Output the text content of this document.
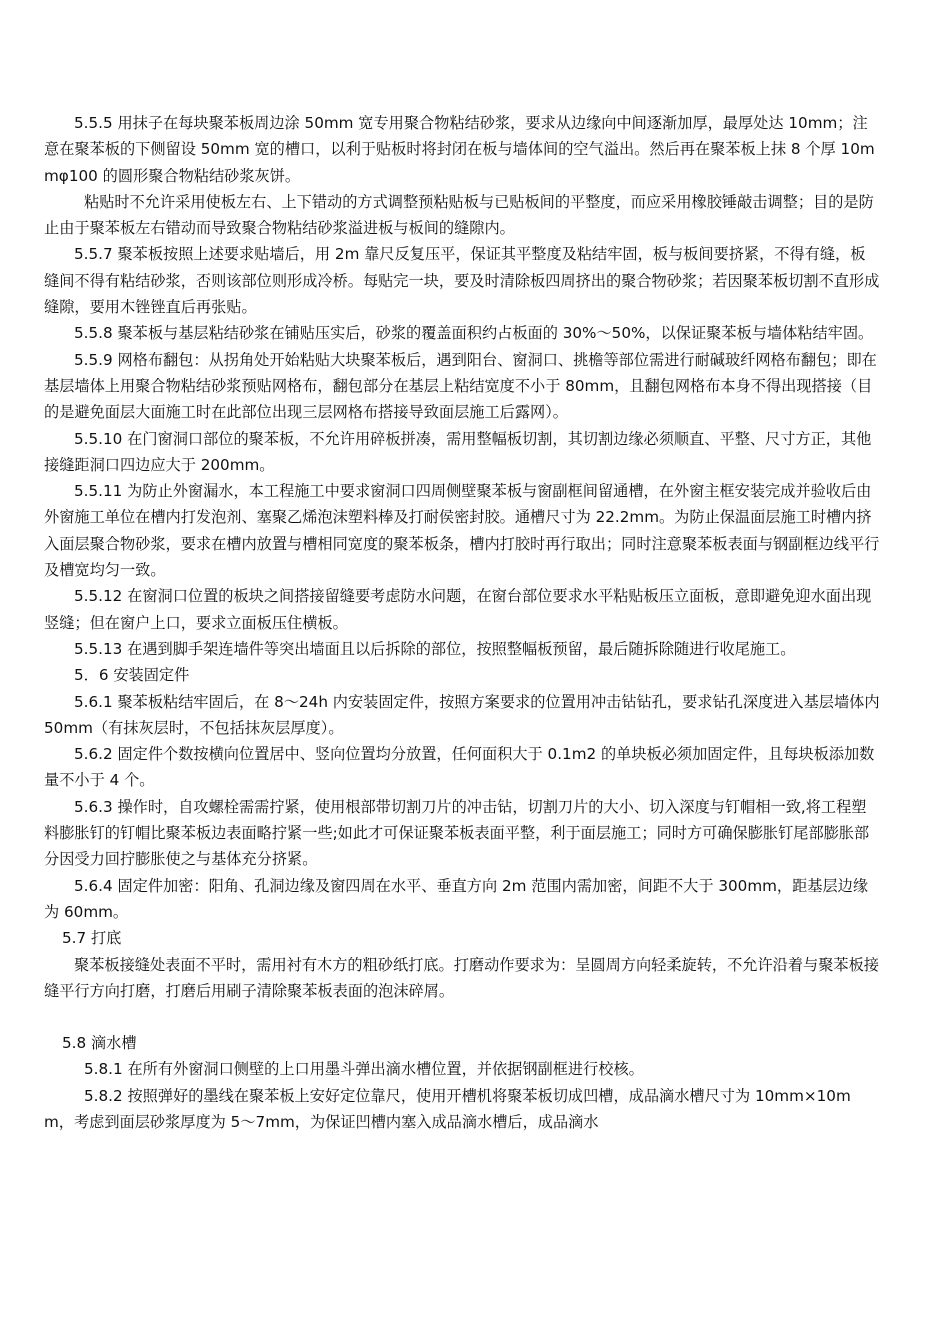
5.5.5 用抹子在每块聚苯板周边涂 50mm 宽专用聚合物粘结砂浆，要求从边缘向中间逐渐加厚，最厚处达 10mm；注意在聚苯板的下侧留设 50mm 宽的槽口，以利于贴板时将封闭在板与墙体间的空气溢出。然后再在聚苯板上抹 8 个厚 10mmφ100 的圆形聚合物粘结砂浆灰饼。

粘贴时不允许采用使板左右、上下错动的方式调整预粘贴板与已贴板间的平整度，而应采用橡胶锤敲击调整；目的是防止由于聚苯板左右错动而导致聚合物粘结砂浆溢进板与板间的缝隙内。

5.5.7 聚苯板按照上述要求贴墙后，用 2m 靠尺反复压平，保证其平整度及粘结牢固，板与板间要挤紧，不得有缝，板缝间不得有粘结砂浆，否则该部位则形成冷桥。每贴完一块，要及时清除板四周挤出的聚合物砂浆；若因聚苯板切割不直形成缝隙，要用木锉锉直后再张贴。

5.5.8 聚苯板与基层粘结砂浆在铺贴压实后，砂浆的覆盖面积约占板面的 30%～50%，以保证聚苯板与墙体粘结牢固。

5.5.9 网格布翻包：从拐角处开始粘贴大块聚苯板后，遇到阳台、窗洞口、挑檐等部位需进行耐碱玻纤网格布翻包；即在基层墙体上用聚合物粘结砂浆预贴网格布，翻包部分在基层上粘结宽度不小于 80mm，且翻包网格布本身不得出现搭接（目的是避免面层大面施工时在此部位出现三层网格布搭接导致面层施工后露网）。

5.5.10 在门窗洞口部位的聚苯板，不允许用碎板拼凑，需用整幅板切割，其切割边缘必须顺直、平整、尺寸方正，其他接缝距洞口四边应大于 200mm。

5.5.11 为防止外窗漏水，本工程施工中要求窗洞口四周侧壁聚苯板与窗副框间留通槽，在外窗主框安装完成并验收后由外窗施工单位在槽内打发泡剂、塞聚乙烯泡沫塑料棒及打耐侯密封胶。通槽尺寸为 22.2mm。为防止保温面层施工时槽内挤入面层聚合物砂浆，要求在槽内放置与槽相同宽度的聚苯板条，槽内打胶时再行取出；同时注意聚苯板表面与钢副框边线平行及槽宽均匀一致。

5.5.12 在窗洞口位置的板块之间搭接留缝要考虑防水问题，在窗台部位要求水平粘贴板压立面板，意即避免迎水面出现竖缝；但在窗户上口，要求立面板压住横板。

5.5.13 在遇到脚手架连墙件等突出墙面且以后拆除的部位，按照整幅板预留，最后随拆除随进行收尾施工。

5．6 安装固定件

5.6.1 聚苯板粘结牢固后，在 8～24h 内安装固定件，按照方案要求的位置用冲击钻钻孔，要求钻孔深度进入基层墙体内 50mm（有抹灰层时，不包括抹灰层厚度）。

5.6.2 固定件个数按横向位置居中、竖向位置均分放置，任何面积大于 0.1m2 的单块板必须加固定件，且每块板添加数量不小于 4 个。

5.6.3 操作时，自攻螺栓需需拧紧，使用根部带切割刀片的冲击钻，切割刀片的大小、切入深度与钉帽相一致,将工程塑料膨胀钉的钉帽比聚苯板边表面略拧紧一些;如此才可保证聚苯板表面平整，利于面层施工；同时方可确保膨胀钉尾部膨胀部分因受力回拧膨胀使之与基体充分挤紧。

5.6.4 固定件加密：阳角、孔洞边缘及窗四周在水平、垂直方向 2m 范围内需加密，间距不大于 300mm，距基层边缘为 60mm。

5.7 打底

聚苯板接缝处表面不平时，需用衬有木方的粗砂纸打底。打磨动作要求为：呈圆周方向轻柔旋转，不允许沿着与聚苯板接缝平行方向打磨，打磨后用刷子清除聚苯板表面的泡沫碎屑。

5.8 滴水槽

5.8.1 在所有外窗洞口侧壁的上口用墨斗弹出滴水槽位置，并依据钢副框进行校核。

5.8.2 按照弹好的墨线在聚苯板上安好定位靠尺，使用开槽机将聚苯板切成凹槽，成品滴水槽尺寸为 10mm×10mm，考虑到面层砂浆厚度为 5～7mm，为保证凹槽内塞入成品滴水槽后，成品滴水
